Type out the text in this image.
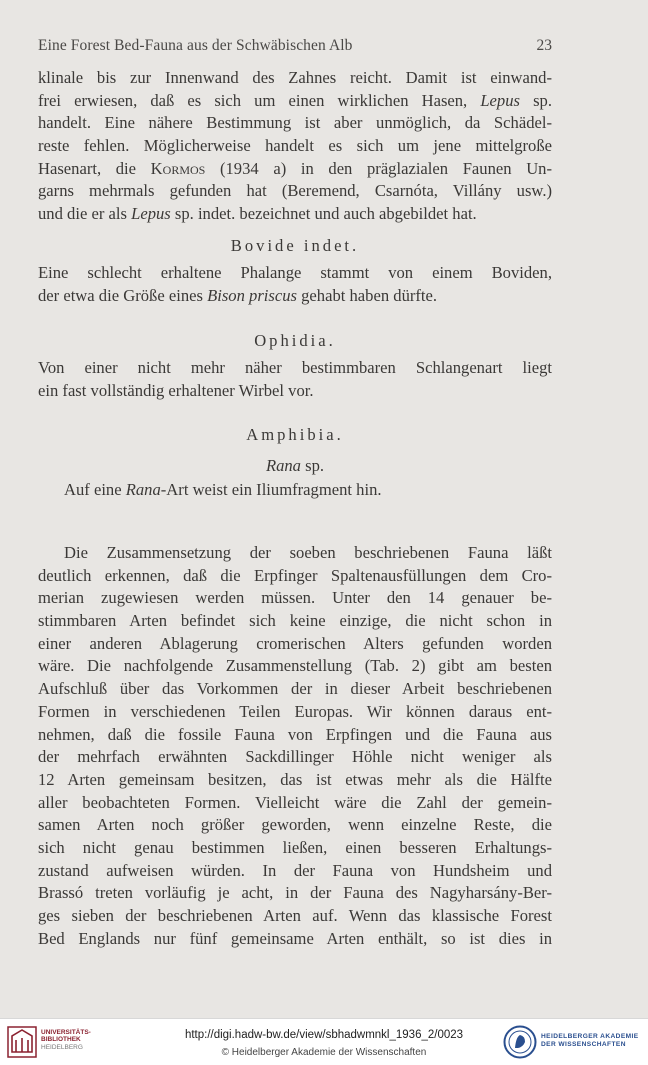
Eine Forest Bed-Fauna aus der Schwäbischen Alb	23
klinale bis zur Innenwand des Zahnes reicht. Damit ist einwand-
frei erwiesen, daß es sich um einen wirklichen Hasen, Lepus sp.
handelt. Eine nähere Bestimmung ist aber unmöglich, da Schädel-
reste fehlen. Möglicherweise handelt es sich um jene mittelgroße
Hasenart, die Kormos (1934 a) in den präglazialen Faunen Un-
garns mehrmals gefunden hat (Beremend, Csarnóta, Villány usw.)
und die er als Lepus sp. indet. bezeichnet und auch abgebildet hat.
Bovide indet.
Eine schlecht erhaltene Phalange stammt von einem Boviden,
der etwa die Größe eines Bison priscus gehabt haben dürfte.
Ophidia.
Von einer nicht mehr näher bestimmbaren Schlangenart liegt
ein fast vollständig erhaltener Wirbel vor.
Amphibia.
Rana sp.
Auf eine Rana-Art weist ein Iliumfragment hin.
Die Zusammensetzung der soeben beschriebenen Fauna läßt
deutlich erkennen, daß die Erpfinger Spaltenausfüllungen dem Cro-
merian zugewiesen werden müssen. Unter den 14 genauer be-
stimmbaren Arten befindet sich keine einzige, die nicht schon in
einer anderen Ablagerung cromerischen Alters gefunden worden
wäre. Die nachfolgende Zusammenstellung (Tab. 2) gibt am besten
Aufschluß über das Vorkommen der in dieser Arbeit beschriebenen
Formen in verschiedenen Teilen Europas. Wir können daraus ent-
nehmen, daß die fossile Fauna von Erpfingen und die Fauna aus
der mehrfach erwähnten Sackdillinger Höhle nicht weniger als
12 Arten gemeinsam besitzen, das ist etwas mehr als die Hälfte
aller beobachteten Formen. Vielleicht wäre die Zahl der gemein-
samen Arten noch größer geworden, wenn einzelne Reste, die
sich nicht genau bestimmen ließen, einen besseren Erhaltungs-
zustand aufweisen würden. In der Fauna von Hundsheim und
Brassó treten vorläufig je acht, in der Fauna des Nagyharsány-Ber-
ges sieben der beschriebenen Arten auf. Wenn das klassische Forest
Bed Englands nur fünf gemeinsame Arten enthält, so ist dies in
UNIVERSITÄTS-
BIBLIOTHEK
HEIDELBERG
http://digi.hadw-bw.de/view/sbhadwmnkl_1936_2/0023
© Heidelberger Akademie der Wissenschaften
HEIDELBERGER AKADEMIE
DER WISSENSCHAFTEN
